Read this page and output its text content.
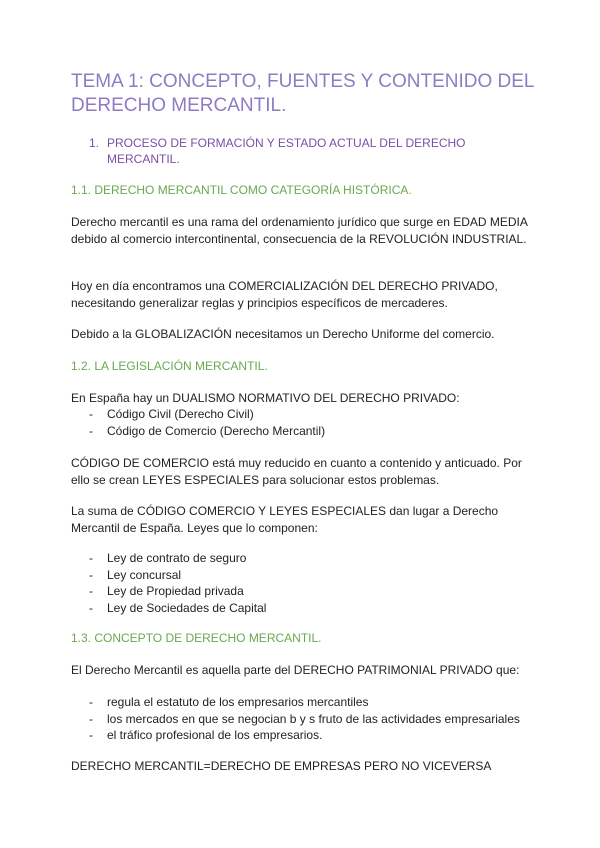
TEMA 1: CONCEPTO, FUENTES Y CONTENIDO DEL DERECHO MERCANTIL.
1. PROCESO DE FORMACIÓN Y ESTADO ACTUAL DEL DERECHO MERCANTIL.
1.1. DERECHO MERCANTIL COMO CATEGORÍA HISTÓRICA.

Derecho mercantil es una rama del ordenamiento jurídico que surge en EDAD MEDIA debido al comercio intercontinental, consecuencia de la REVOLUCIÓN INDUSTRIAL.

Hoy en día encontramos una COMERCIALIZACIÓN DEL DERECHO PRIVADO, necesitando generalizar reglas y principios específicos de mercaderes.

Debido a la GLOBALIZACIÓN necesitamos un Derecho Uniforme del comercio.

1.2. LA LEGISLACIÓN MERCANTIL.

En España hay un DUALISMO NORMATIVO DEL DERECHO PRIVADO:

-	Código Civil (Derecho Civil)
-	Código de Comercio (Derecho Mercantil)

CÓDIGO DE COMERCIO está muy reducido en cuanto a contenido y anticuado. Por ello se crean LEYES ESPECIALES para solucionar estos problemas.

La suma de CÓDIGO COMERCIO Y LEYES ESPECIALES dan lugar a Derecho Mercantil de España. Leyes que lo componen:

-	Ley de contrato de seguro
-	Ley concursal
-	Ley de Propiedad privada
-	Ley de Sociedades de Capital
1.3. CONCEPTO DE DERECHO MERCANTIL.

El Derecho Mercantil es aquella parte del DERECHO PATRIMONIAL PRIVADO que:

-	regula el estatuto de los empresarios mercantiles
-	los mercados en que se negocian b y s fruto de las actividades empresariales
-	el tráfico profesional de los empresarios.

DERECHO MERCANTIL=DERECHO DE EMPRESAS PERO NO VICEVERSA
